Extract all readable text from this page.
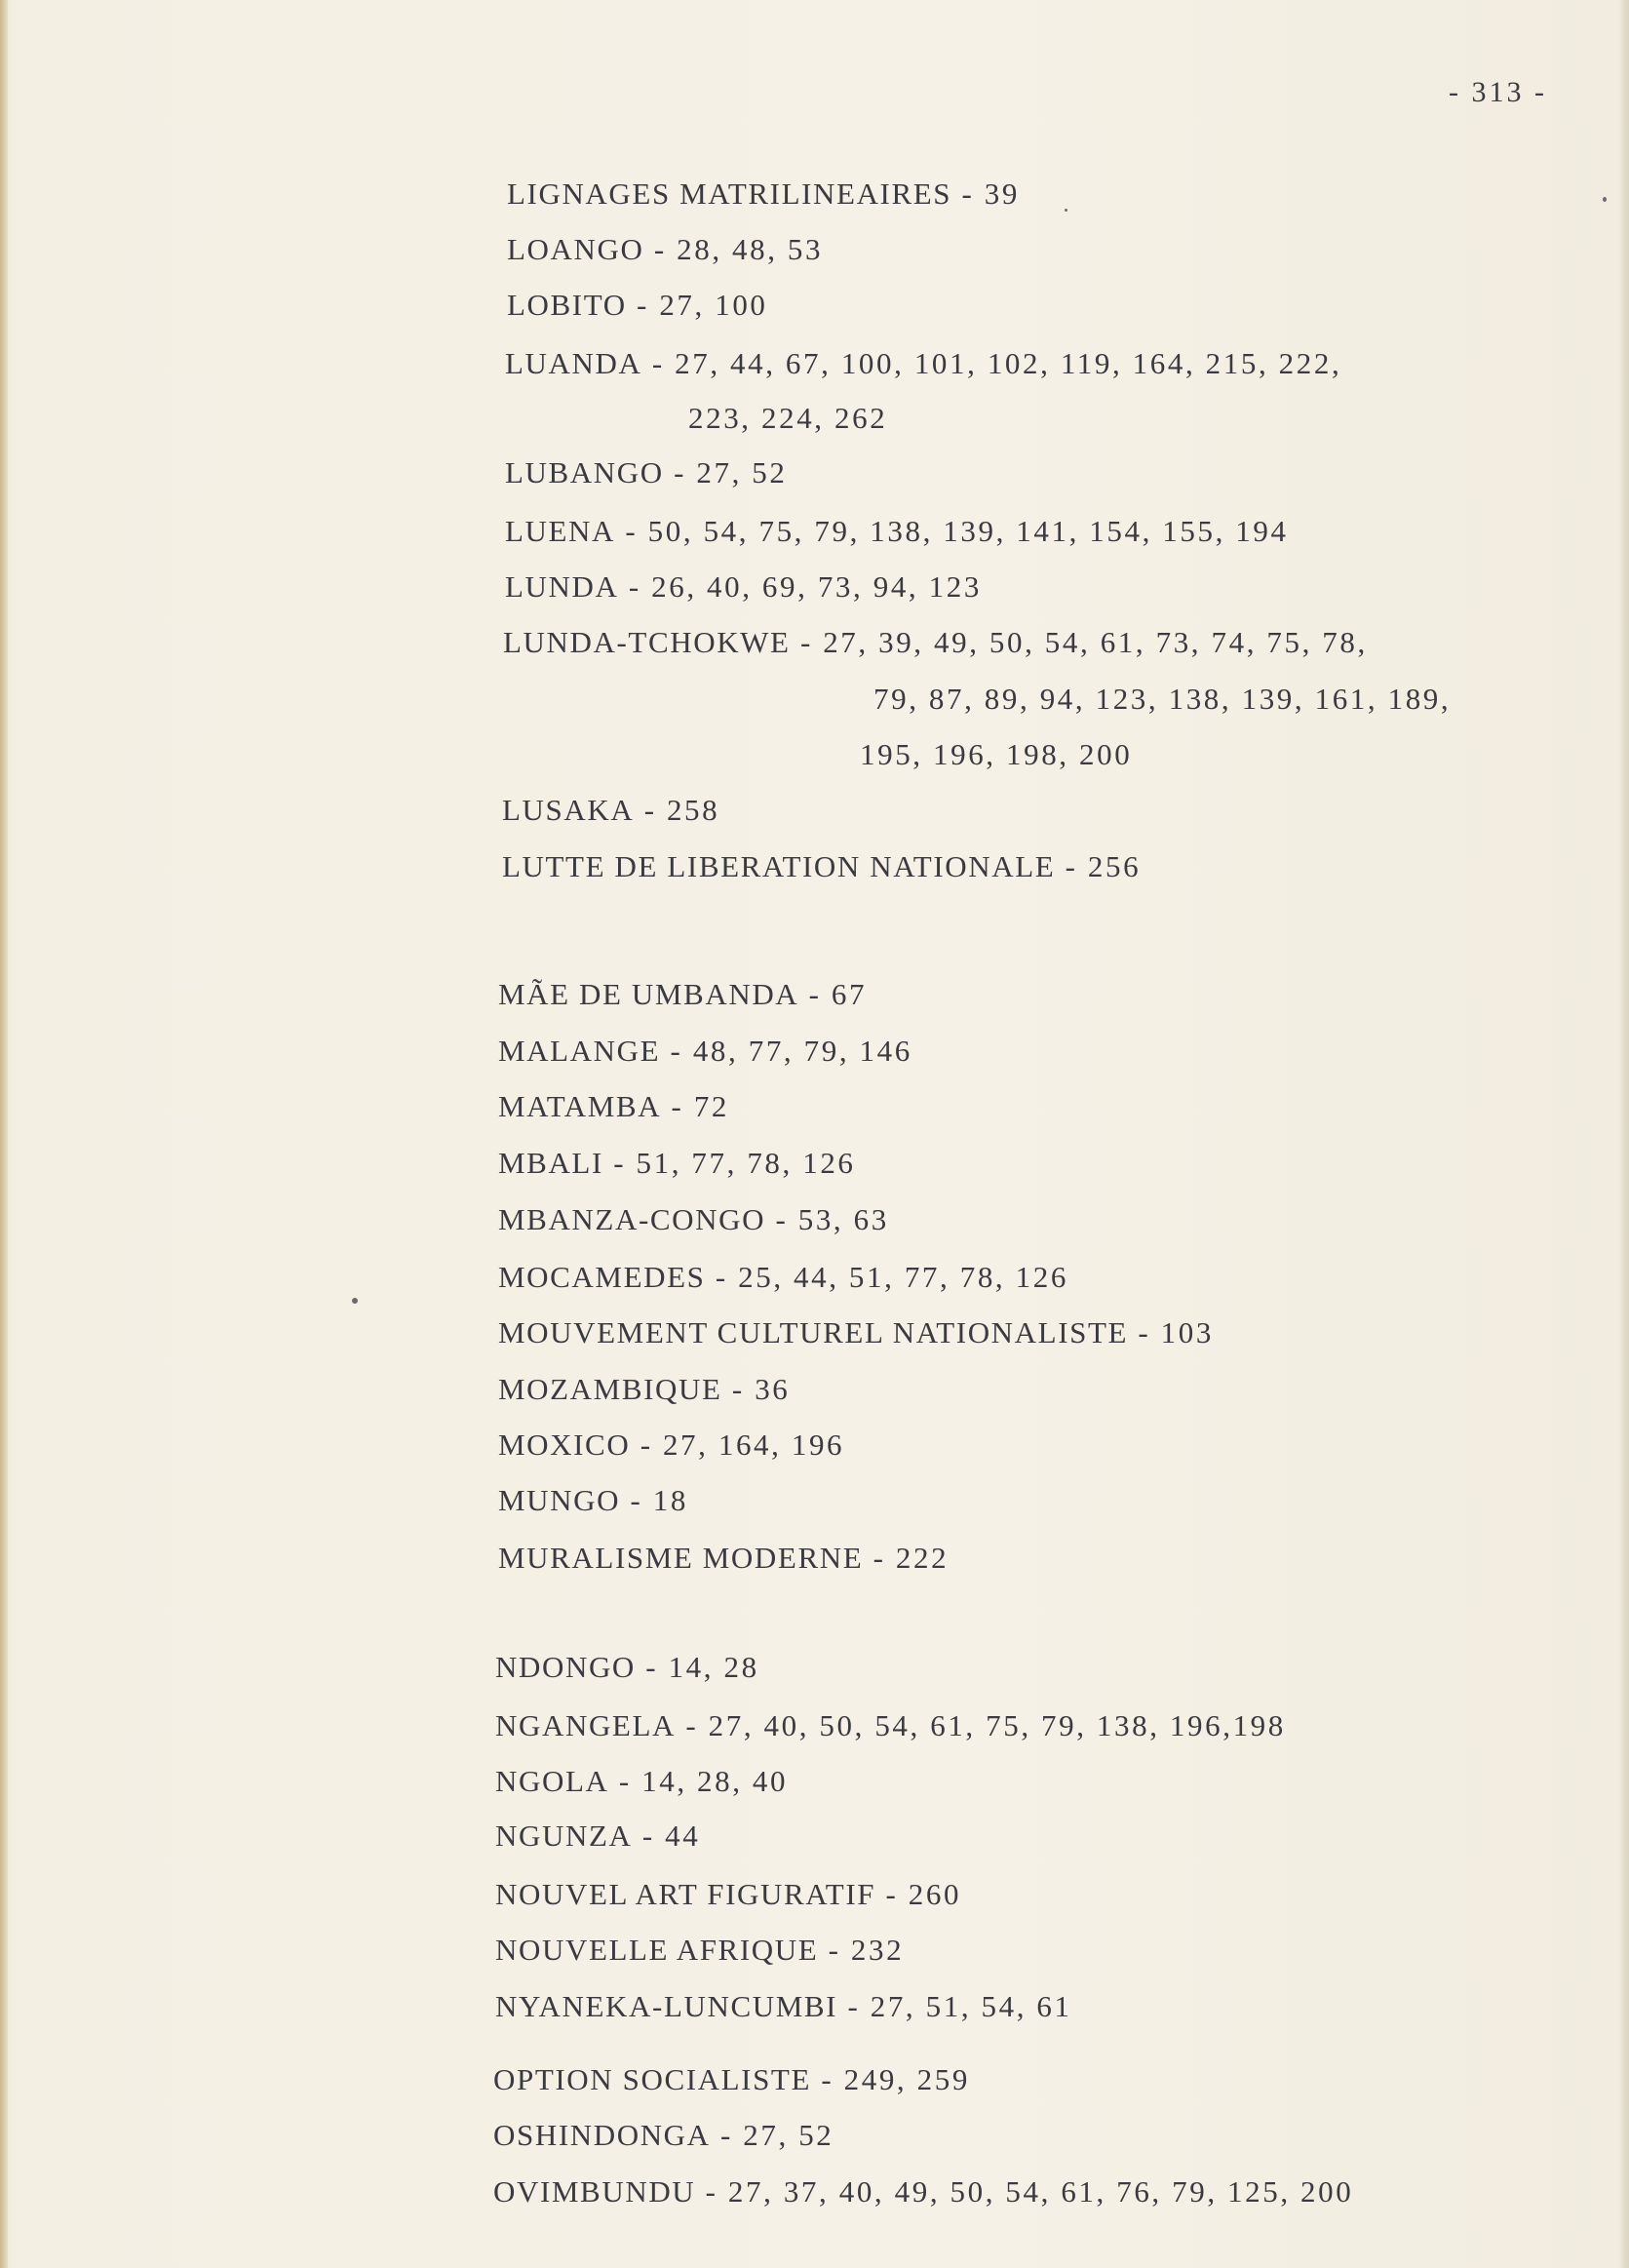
- 313 -
LIGNAGES MATRILINEAIRES - 39
LOANGO - 28, 48, 53
LOBITO - 27, 100
LUANDA - 27, 44, 67, 100, 101, 102, 119, 164, 215, 222,
223, 224, 262
LUBANGO - 27, 52
LUENA - 50, 54, 75, 79, 138, 139, 141, 154, 155, 194
LUNDA - 26, 40, 69, 73, 94, 123
LUNDA-TCHOKWE - 27, 39, 49, 50, 54, 61, 73, 74, 75, 78,
79, 87, 89, 94, 123, 138, 139, 161, 189,
195, 196, 198, 200
LUSAKA - 258
LUTTE DE LIBERATION NATIONALE - 256
MÃE DE UMBANDA - 67
MALANGE - 48, 77, 79, 146
MATAMBA - 72
MBALI - 51, 77, 78, 126
MBANZA-CONGO - 53, 63
MOCAMEDES - 25, 44, 51, 77, 78, 126
MOUVEMENT CULTUREL NATIONALISTE - 103
MOZAMBIQUE - 36
MOXICO - 27, 164, 196
MUNGO - 18
MURALISME MODERNE - 222
NDONGO - 14, 28
NGANGELA - 27, 40, 50, 54, 61, 75, 79, 138, 196,198
NGOLA - 14, 28, 40
NGUNZA - 44
NOUVEL ART FIGURATIF - 260
NOUVELLE AFRIQUE - 232
NYANEKA-LUNCUMBI - 27, 51, 54, 61
OPTION SOCIALISTE - 249, 259
OSHINDONGA - 27, 52
OVIMBUNDU - 27, 37, 40, 49, 50, 54, 61, 76, 79, 125, 200
